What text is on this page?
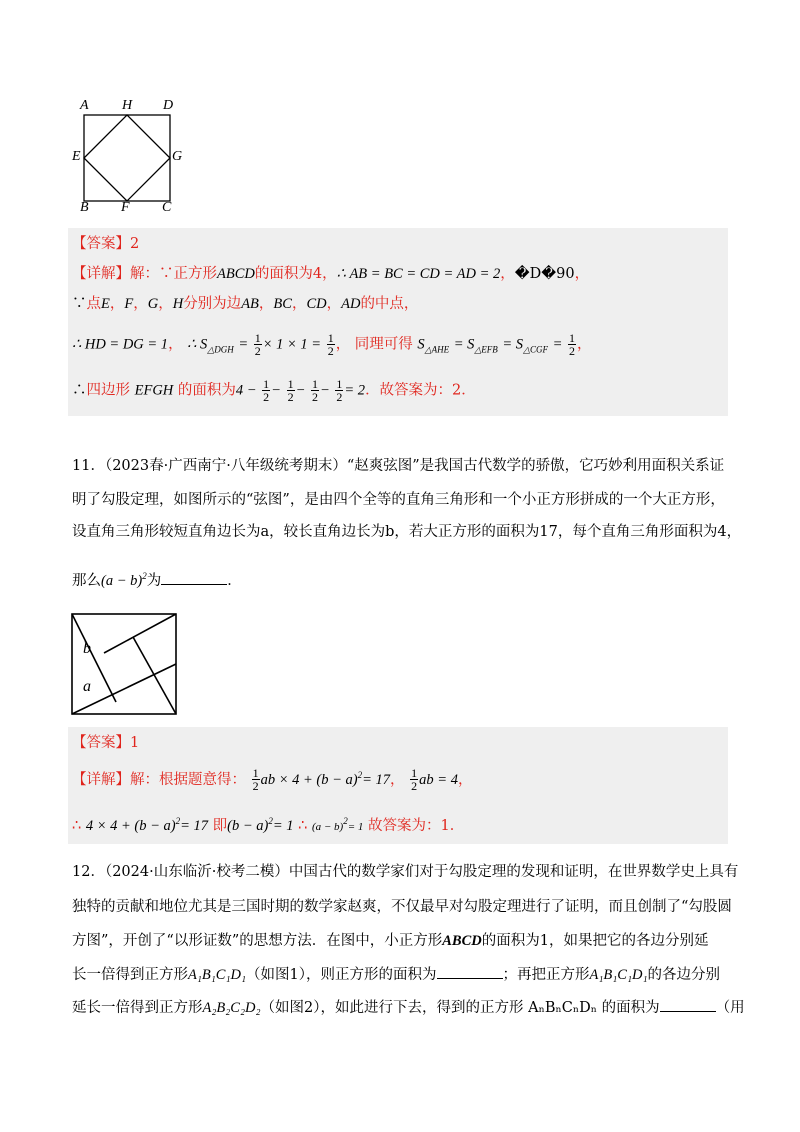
A H D
E	G
B F C
【答案】2
【详解】解：∵正方形ABCD的面积为4，∴ AB = BC = CD = AD = 2，�D�90，
∵点E，F，G，H分别为边AB，BC，CD，AD的中点，
∴ HD = DG = 1， ∴ $S_{\triangle DGH} = \frac{1}{2} \times 1 \times 1 = \frac{1}{2}$ ， 同理可得 $S_{\triangle AHE} = S_{\triangle EFB} = S_{\triangle CGF} = \frac{1}{2}$ ，
∴四边形 EFGH 的面积为$4 - \frac{1}{2} - \frac{1}{2} - \frac{1}{2} - \frac{1}{2} = 2$．故答案为：2．
11．（2023春·广西南宁·八年级统考期末）“赵爽弦图”是我国古代数学的骄傲，它巧妙利用面积关系证
明了勾股定理，如图所示的“弦图”，是由四个全等的直角三角形和一个小正方形拼成的一个大正方形，
设直角三角形较短直角边长为a，较长直角边长为b，若大正方形的面积为17，每个直角三角形面积为4，
那么$(a - b)^2$为	．
b
a
【答案】1
【详解】解：根据题意得： $\frac{1}{2}$ ab × $4 + (b - a)^2= 17$， $\frac{1}{2}$ ab = 4，
∴ $4 \times 4 + (b - a)^2= 17$ 即$(b - a)^2= 1$ ∴ $(a - b)^2= 1$ 故答案为：1．
12．（2024·山东临沂·校考二模）中国古代的数学家们对于勾股定理的发现和证明，在世界数学史上具有
独特的贡献和地位尤其是三国时期的数学家赵爽，不仅最早对勾股定理进行了证明，而且创制了“勾股圆
方图”，开创了“以形证数”的思想方法．在图中，小正方形ABCD的面积为1，如果把它的各边分别延
长一倍得到正方形A₁B₁C₁D₁（如图1），则正方形的面积为	；再把正方形A₁B₁C₁D₁的各边分别
延长一倍得到正方形A₂B₂C₂D₂（如图2），如此进行下去，得到的正方形 AₙBₙCₙDₙ 的面积为	（用
